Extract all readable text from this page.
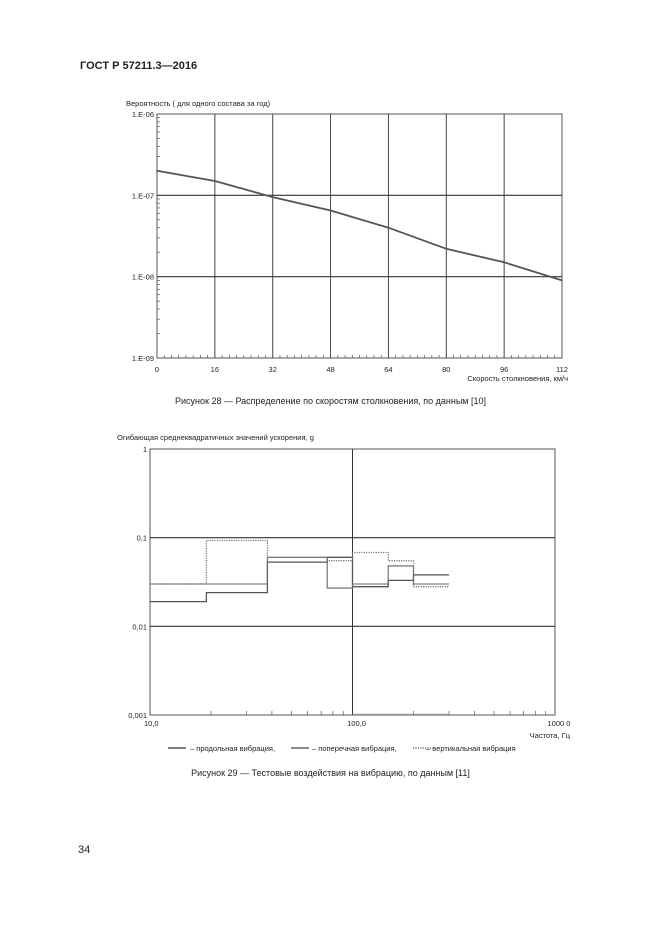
ГОСТ Р 57211.3—2016
0	16	32	48	64	80	96	112
1.E-09
1.E-08
1.E-07
1.E-06
Вероятность ( для одного состава за год)
Скорость столкновения, км/ч
Рисунок 28 — Распределение по скоростям столкновения, по данным [10]
10,0	100,0	1000 0
0,001
0,01
0,1
1
Огибающая среднеквадратичных значений ускорения, g
Частота, Гц
– продольная вибрация,	– поперечная вибрация,	– вертикальная вибрация
Рисунок 29 — Тестовые воздействия на вибрацию, по данным [11]
34
